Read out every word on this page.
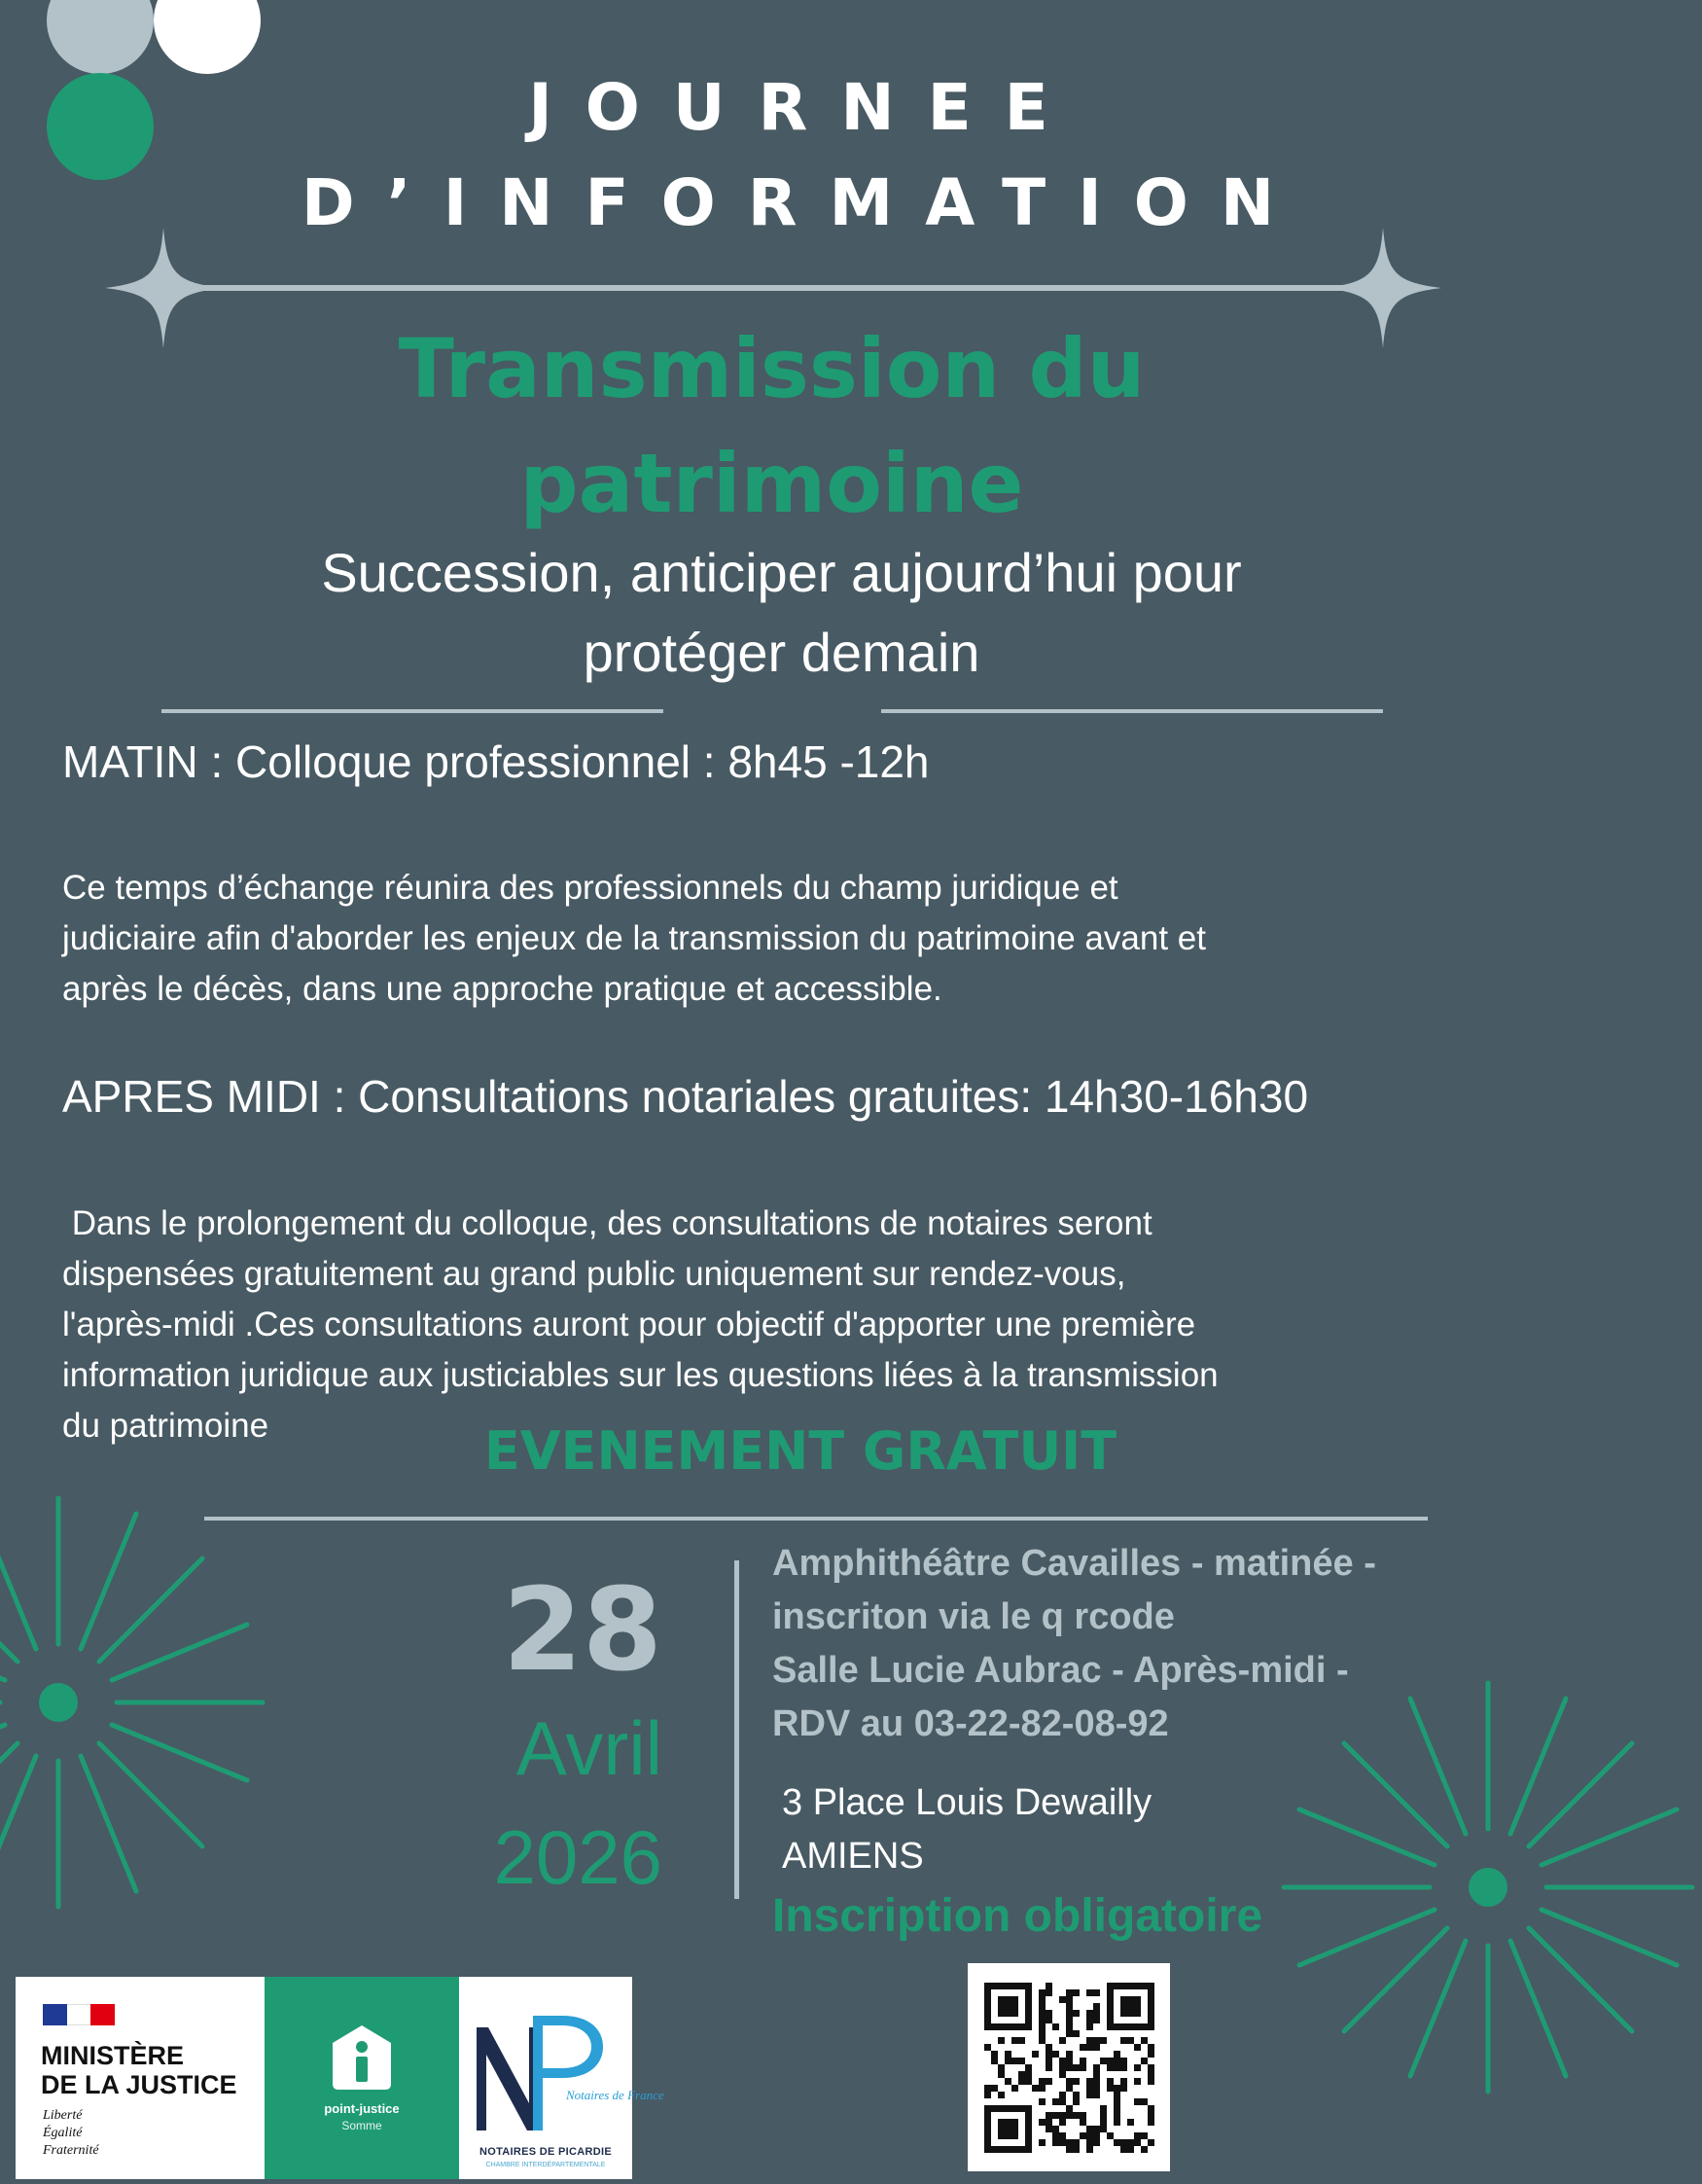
JOURNEE
D’INFORMATION
Transmission du
patrimoine
Succession, anticiper aujourd’hui pour
protéger demain
MATIN : Colloque professionnel : 8h45 -12h
Ce temps d’échange réunira des professionnels du champ juridique et
judiciaire afin d'aborder les enjeux de la transmission du patrimoine avant et
après le décès, dans une approche pratique et accessible.
APRES MIDI : Consultations notariales gratuites: 14h30-16h30
Dans le prolongement du colloque, des consultations de notaires seront
dispensées gratuitement au grand public uniquement sur rendez-vous,
l'après-midi .Ces consultations auront pour objectif d'apporter une première
information juridique aux justiciables sur les questions liées à la transmission
du patrimoine	EVENEMENT GRATUIT
28
Avril
2026
Amphithéâtre Cavailles - matinée -
inscriton via le q rcode
Salle Lucie Aubrac - Après-midi -
RDV au 03-22-82-08-92
3 Place Louis Dewailly
AMIENS
Inscription obligatoire
MINISTÈRE
DE LA JUSTICE
Liberté
Égalité
Fraternité
point-justice
Somme
Notaires de France
NOTAIRES DE PICARDIE
CHAMBRE INTERDÉPARTEMENTALE
